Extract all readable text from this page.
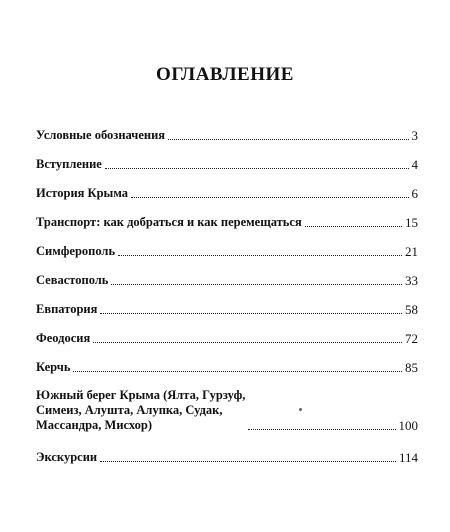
ОГЛАВЛЕНИЕ
Условные обозначения	3
Вступление	4
История Крыма	6
Транспорт: как добраться и как перемещаться	15
Симферополь	21
Севастополь	33
Евпатория	58
Феодосия	72
Керчь	85
Южный берег Крыма (Ялта, Гурзуф,
Симеиз, Алушта, Алупка, Судак,
Массандра, Мисхор)	100
Экскурсии	114
